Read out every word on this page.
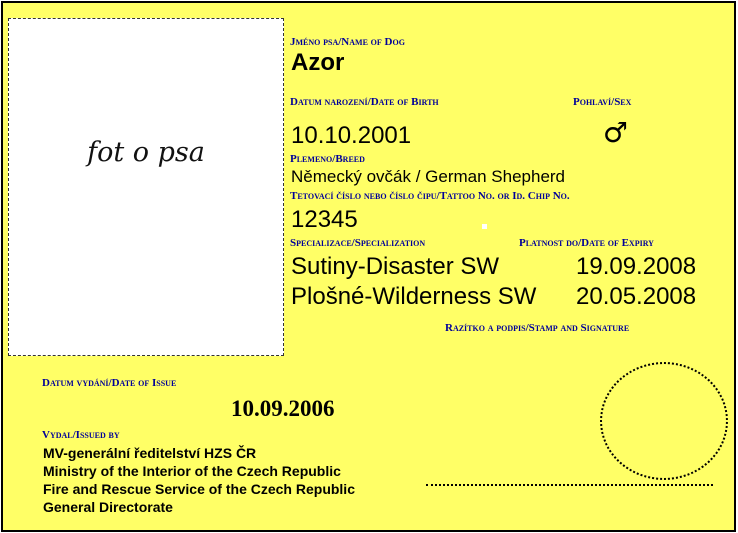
fot o psa
Jméno psa/Name of Dog
Azor
Datum narození/Date of Birth	Pohlaví/Sex
10.10.2001	♂
Plemeno/Breed
Německý ovčák / German Shepherd
Tetovací číslo nebo číslo čipu/Tattoo No. or Id. Chip No.
12345
Specializace/Specialization	Platnost do/Date of Expiry
Sutiny-Disaster SW	19.09.2008
Plošné-Wilderness SW 20.05.2008
Razítko a podpis/Stamp and Signature
Datum vydání/Date of Issue
10.09.2006
Vydal/Issued by
MV-generální ředitelství HZS ČR
Ministry of the Interior of the Czech Republic
Fire and Rescue Service of the Czech Republic
General Directorate
